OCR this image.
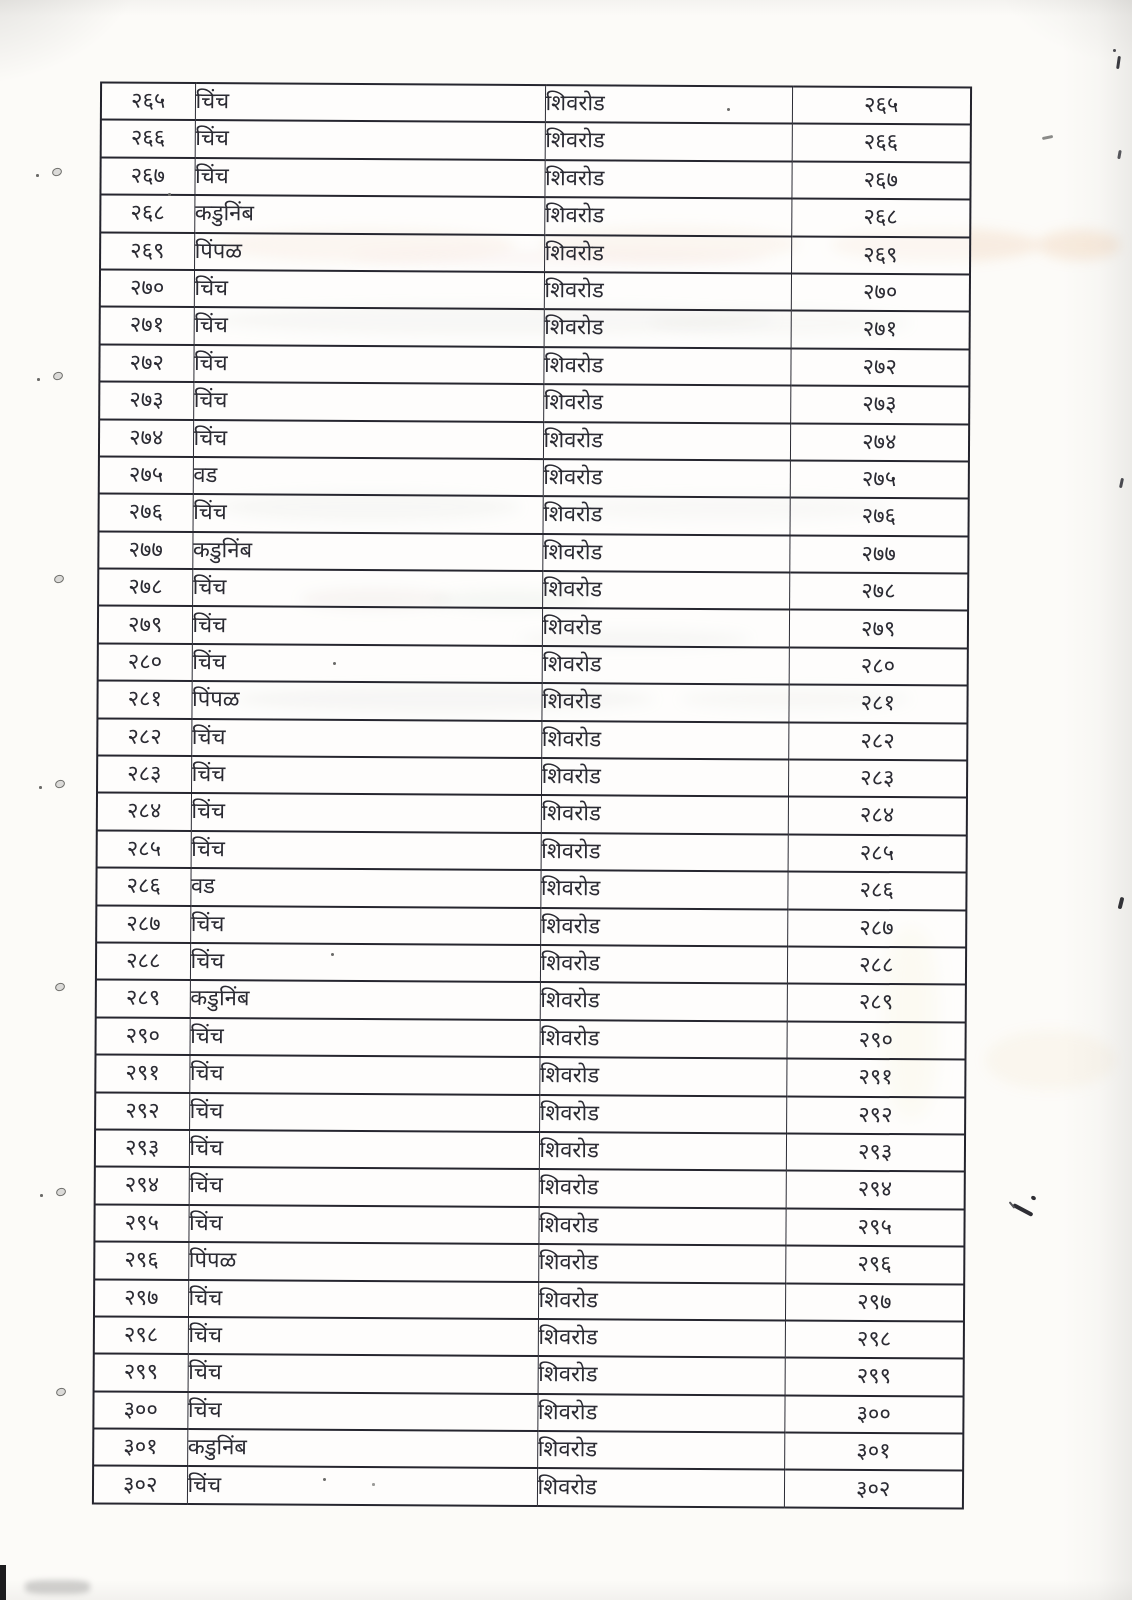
२६५	चिंच	शिवरोड	२६५
२६६	चिंच	शिवरोड	२६६
२६७	चिंच	शिवरोड	२६७
२६८	कडुनिंब	शिवरोड	२६८
२६९	पिंपळ	शिवरोड	२६९
२७०	चिंच	शिवरोड	२७०
२७१	चिंच	शिवरोड	२७१
२७२	चिंच	शिवरोड	२७२
२७३	चिंच	शिवरोड	२७३
२७४	चिंच	शिवरोड	२७४
२७५	वड	शिवरोड	२७५
२७६	चिंच	शिवरोड	२७६
२७७	कडुनिंब	शिवरोड	२७७
२७८	चिंच	शिवरोड	२७८
२७९	चिंच	शिवरोड	२७९
२८०	चिंच	शिवरोड	२८०
२८१	पिंपळ	शिवरोड	२८१
२८२	चिंच	शिवरोड	२८२
२८३	चिंच	शिवरोड	२८३
२८४	चिंच	शिवरोड	२८४
२८५	चिंच	शिवरोड	२८५
२८६	वड	शिवरोड	२८६
२८७	चिंच	शिवरोड	२८७
२८८	चिंच	शिवरोड	२८८
२८९	कडुनिंब	शिवरोड	२८९
२९०	चिंच	शिवरोड	२९०
२९१	चिंच	शिवरोड	२९१
२९२	चिंच	शिवरोड	२९२
२९३	चिंच	शिवरोड	२९३
२९४	चिंच	शिवरोड	२९४
२९५	चिंच	शिवरोड	२९५
२९६	पिंपळ	शिवरोड	२९६
२९७	चिंच	शिवरोड	२९७
२९८	चिंच	शिवरोड	२९८
२९९	चिंच	शिवरोड	२९९
३००	चिंच	शिवरोड	३००
३०१	कडुनिंब	शिवरोड	३०१
३०२	चिंच	शिवरोड	३०२
